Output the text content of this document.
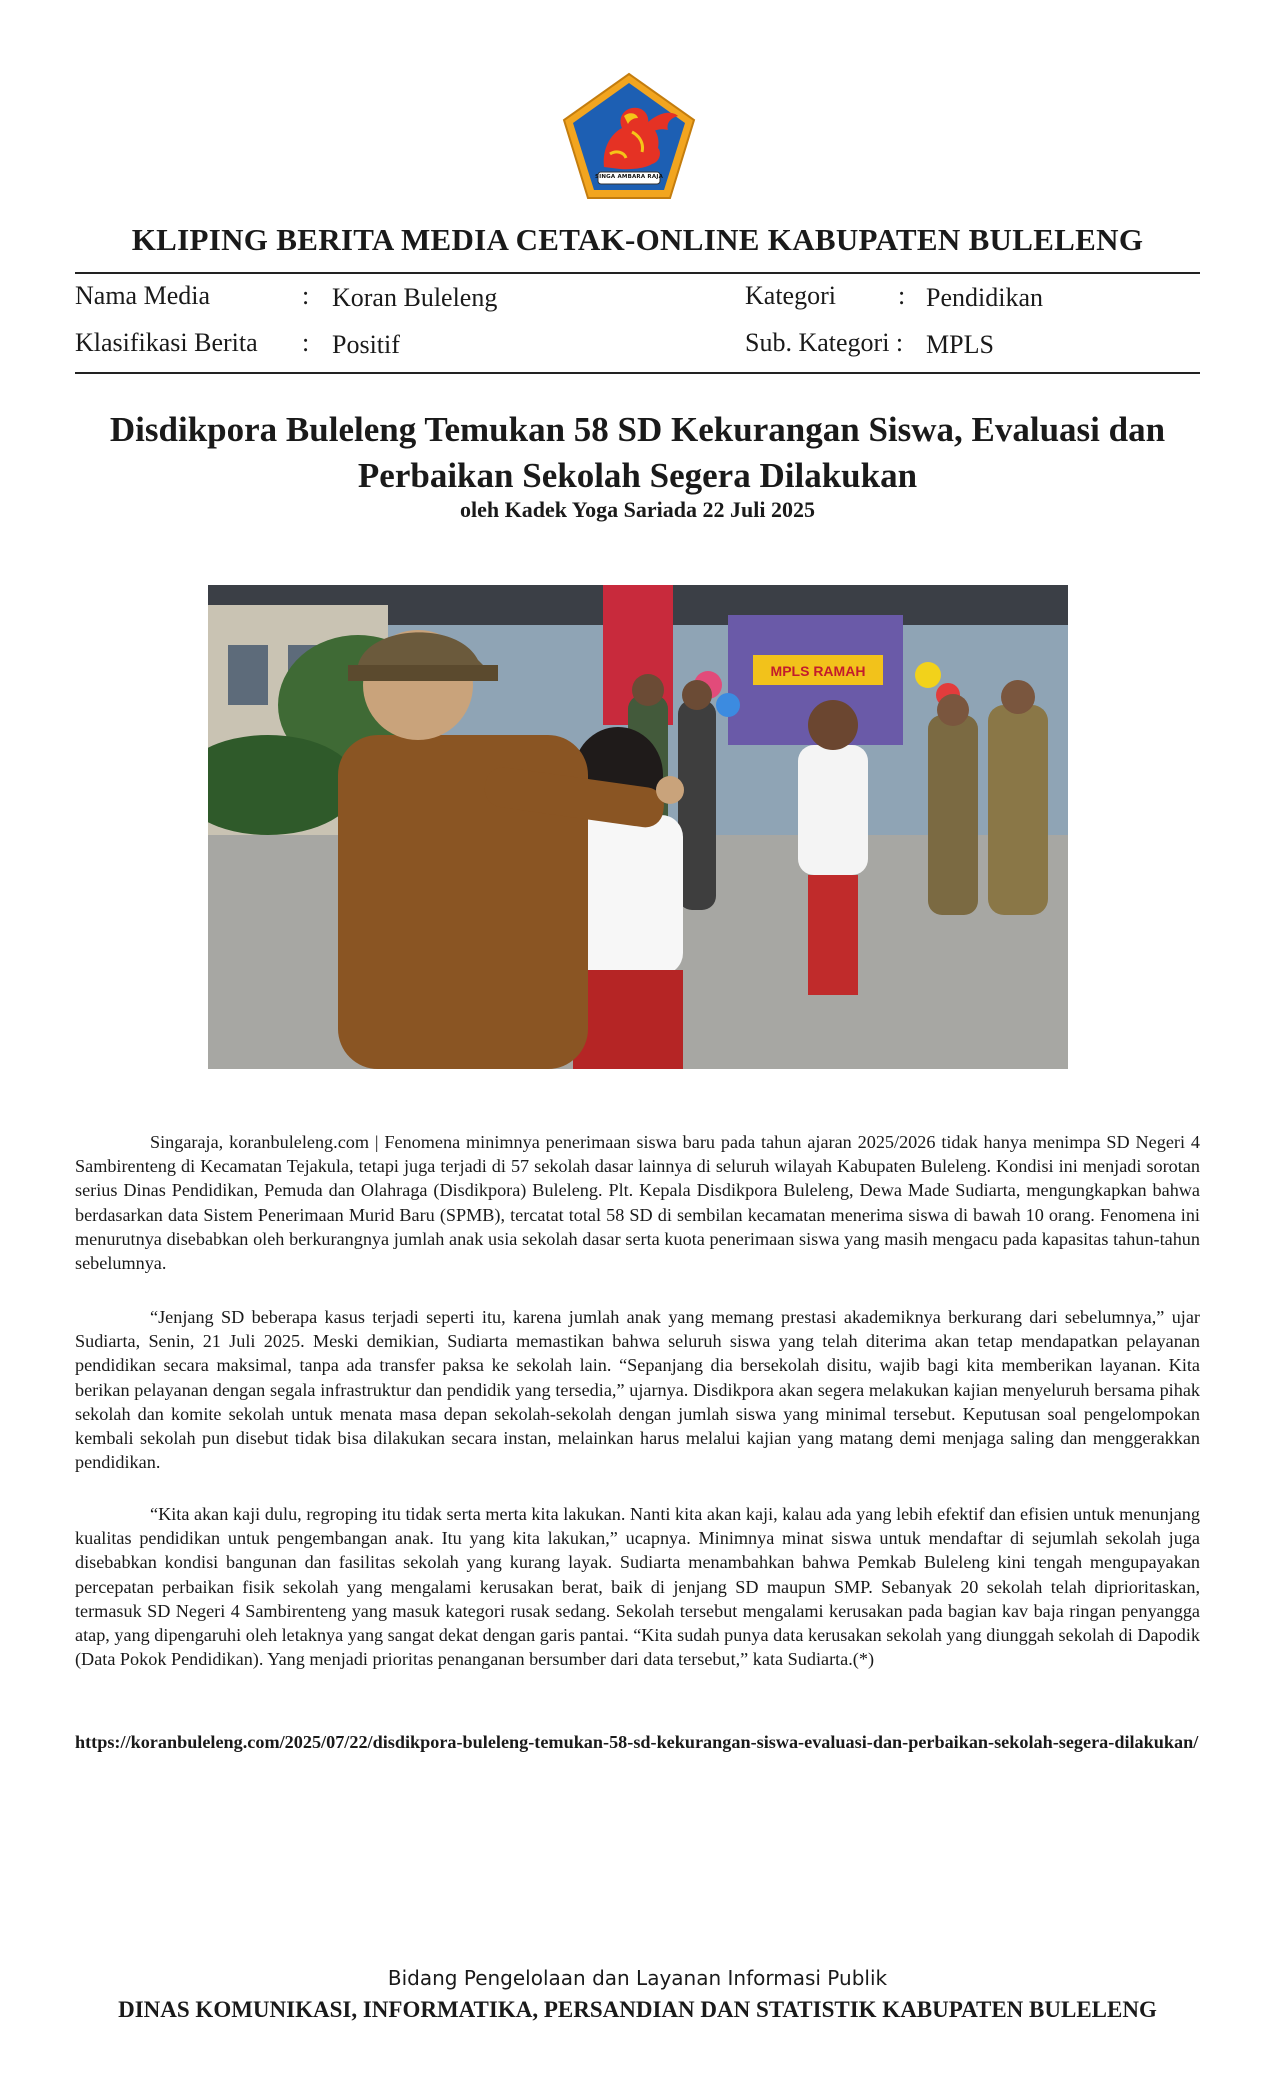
SINGA AMBARA RAJA
KLIPING BERITA MEDIA CETAK-ONLINE KABUPATEN BULELENG
Nama Media	: Koran Buleleng	Kategori : Pendidikan
Klasifikasi Berita : Positif	Sub. Kategori : MPLS
Disdikpora Buleleng Temukan 58 SD Kekurangan Siswa, Evaluasi dan
Perbaikan Sekolah Segera Dilakukan
oleh Kadek Yoga Sariada 22 Juli 2025
MPLS RAMAH
Singaraja, koranbuleleng.com | Fenomena minimnya penerimaan siswa baru pada tahun ajaran 2025/2026 tidak hanya menimpa SD Negeri 4 Sambirenteng di Kecamatan Tejakula, tetapi juga terjadi di 57 sekolah dasar lainnya di seluruh wilayah Kabupaten Buleleng. Kondisi ini menjadi sorotan serius Dinas Pendidikan, Pemuda dan Olahraga (Disdikpora) Buleleng. Plt. Kepala Disdikpora Buleleng, Dewa Made Sudiarta, mengungkapkan bahwa berdasarkan data Sistem Penerimaan Murid Baru (SPMB), tercatat total 58 SD di sembilan kecamatan menerima siswa di bawah 10 orang. Fenomena ini menurutnya disebabkan oleh berkurangnya jumlah anak usia sekolah dasar serta kuota penerimaan siswa yang masih mengacu pada kapasitas tahun-tahun sebelumnya.
“Jenjang SD beberapa kasus terjadi seperti itu, karena jumlah anak yang memang prestasi akademiknya berkurang dari sebelumnya,” ujar Sudiarta, Senin, 21 Juli 2025. Meski demikian, Sudiarta memastikan bahwa seluruh siswa yang telah diterima akan tetap mendapatkan pelayanan pendidikan secara maksimal, tanpa ada transfer paksa ke sekolah lain. “Sepanjang dia bersekolah disitu, wajib bagi kita memberikan layanan. Kita berikan pelayanan dengan segala infrastruktur dan pendidik yang tersedia,” ujarnya. Disdikpora akan segera melakukan kajian menyeluruh bersama pihak sekolah dan komite sekolah untuk menata masa depan sekolah-sekolah dengan jumlah siswa yang minimal tersebut. Keputusan soal pengelompokan kembali sekolah pun disebut tidak bisa dilakukan secara instan, melainkan harus melalui kajian yang matang demi menjaga saling dan menggerakkan pendidikan.
“Kita akan kaji dulu, regroping itu tidak serta merta kita lakukan. Nanti kita akan kaji, kalau ada yang lebih efektif dan efisien untuk menunjang kualitas pendidikan untuk pengembangan anak. Itu yang kita lakukan,” ucapnya. Minimnya minat siswa untuk mendaftar di sejumlah sekolah juga disebabkan kondisi bangunan dan fasilitas sekolah yang kurang layak. Sudiarta menambahkan bahwa Pemkab Buleleng kini tengah mengupayakan percepatan perbaikan fisik sekolah yang mengalami kerusakan berat, baik di jenjang SD maupun SMP. Sebanyak 20 sekolah telah diprioritaskan, termasuk SD Negeri 4 Sambirenteng yang masuk kategori rusak sedang. Sekolah tersebut mengalami kerusakan pada bagian kav baja ringan penyangga atap, yang dipengaruhi oleh letaknya yang sangat dekat dengan garis pantai. “Kita sudah punya data kerusakan sekolah yang diunggah sekolah di Dapodik (Data Pokok Pendidikan). Yang menjadi prioritas penanganan bersumber dari data tersebut,” kata Sudiarta.(*)
https://koranbuleleng.com/2025/07/22/disdikpora-buleleng-temukan-58-sd-kekurangan-siswa-evaluasi-dan-perbaikan-sekolah-segera-dilakukan/
Bidang Pengelolaan dan Layanan Informasi Publik
DINAS KOMUNIKASI, INFORMATIKA, PERSANDIAN DAN STATISTIK KABUPATEN BULELENG
